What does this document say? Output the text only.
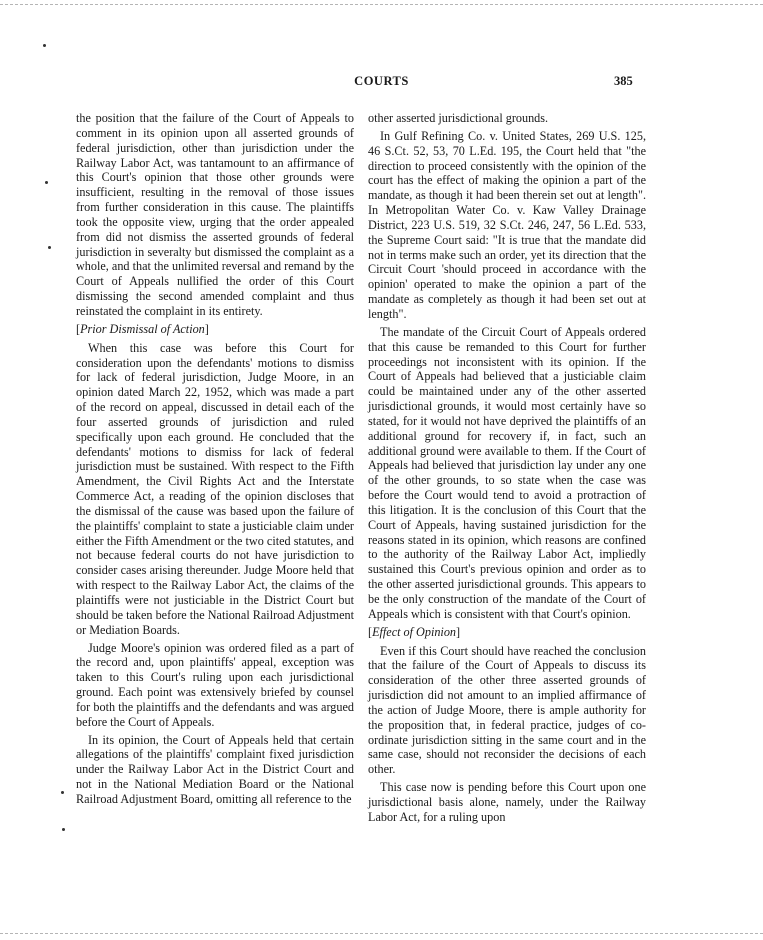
COURTS	385

the position that the failure of the Court of Appeals to comment in its opinion upon all asserted grounds of federal jurisdiction, other than jurisdiction under the Railway Labor Act, was tantamount to an affirmance of this Court's opinion that those other grounds were insufficient, resulting in the removal of those issues from further consideration in this cause. The plaintiffs took the opposite view, urging that the order appealed from did not dismiss the asserted grounds of federal jurisdiction in severalty but dismissed the complaint as a whole, and that the unlimited reversal and remand by the Court of Appeals nullified the order of this Court dismissing the second amended complaint and thus reinstated the complaint in its entirety.

[Prior Dismissal of Action]

When this case was before this Court for consideration upon the defendants' motions to dismiss for lack of federal jurisdiction, Judge Moore, in an opinion dated March 22, 1952, which was made a part of the record on appeal, discussed in detail each of the four asserted grounds of jurisdiction and ruled specifically upon each ground. He concluded that the defendants' motions to dismiss for lack of federal jurisdiction must be sustained. With respect to the Fifth Amendment, the Civil Rights Act and the Interstate Commerce Act, a reading of the opinion discloses that the dismissal of the cause was based upon the failure of the plaintiffs' complaint to state a justiciable claim under either the Fifth Amendment or the two cited statutes, and not because federal courts do not have jurisdiction to consider cases arising thereunder. Judge Moore held that with respect to the Railway Labor Act, the claims of the plaintiffs were not justiciable in the District Court but should be taken before the National Railroad Adjustment or Mediation Boards.

Judge Moore's opinion was ordered filed as a part of the record and, upon plaintiffs' appeal, exception was taken to this Court's ruling upon each jurisdictional ground. Each point was extensively briefed by counsel for both the plaintiffs and the defendants and was argued before the Court of Appeals.

In its opinion, the Court of Appeals held that certain allegations of the plaintiffs' complaint fixed jurisdiction under the Railway Labor Act in the District Court and not in the National Mediation Board or the National Railroad Adjustment Board, omitting all reference to the

other asserted jurisdictional grounds.

In Gulf Refining Co. v. United States, 269 U.S. 125, 46 S.Ct. 52, 53, 70 L.Ed. 195, the Court held that "the direction to proceed consistently with the opinion of the court has the effect of making the opinion a part of the mandate, as though it had been therein set out at length". In Metropolitan Water Co. v. Kaw Valley Drainage District, 223 U.S. 519, 32 S.Ct. 246, 247, 56 L.Ed. 533, the Supreme Court said: "It is true that the mandate did not in terms make such an order, yet its direction that the Circuit Court 'should proceed in accordance with the opinion' operated to make the opinion a part of the mandate as completely as though it had been set out at length".

The mandate of the Circuit Court of Appeals ordered that this cause be remanded to this Court for further proceedings not inconsistent with its opinion. If the Court of Appeals had believed that a justiciable claim could be maintained under any of the other asserted jurisdictional grounds, it would most certainly have so stated, for it would not have deprived the plaintiffs of an additional ground for recovery if, in fact, such an additional ground were available to them. If the Court of Appeals had believed that jurisdiction lay under any one of the other grounds, to so state when the case was before the Court would tend to avoid a protraction of this litigation. It is the conclusion of this Court that the Court of Appeals, having sustained jurisdiction for the reasons stated in its opinion, which reasons are confined to the authority of the Railway Labor Act, impliedly sustained this Court's previous opinion and order as to the other asserted jurisdictional grounds. This appears to be the only construction of the mandate of the Court of Appeals which is consistent with that Court's opinion.

[Effect of Opinion]

Even if this Court should have reached the conclusion that the failure of the Court of Appeals to discuss its consideration of the other three asserted grounds of jurisdiction did not amount to an implied affirmance of the action of Judge Moore, there is ample authority for the proposition that, in federal practice, judges of co-ordinate jurisdiction sitting in the same court and in the same case, should not reconsider the decisions of each other.

This case now is pending before this Court upon one jurisdictional basis alone, namely, under the Railway Labor Act, for a ruling upon
